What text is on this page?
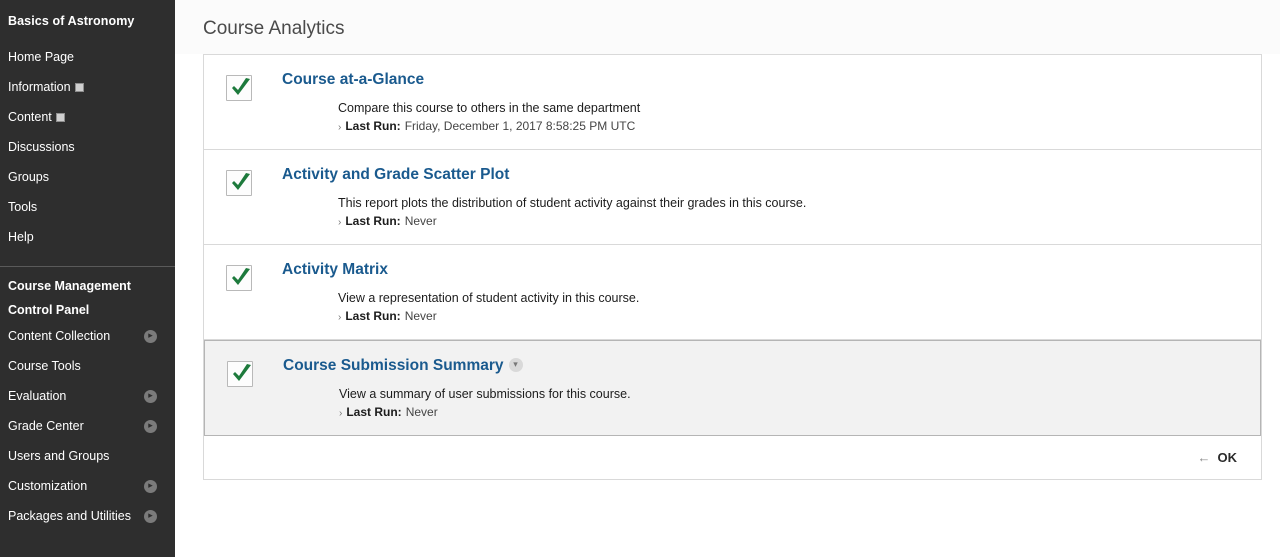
Basics of Astronomy
Home Page
Information
Content
Discussions
Groups
Tools
Help
Course Management
Control Panel
Content Collection	▸
Course Tools
Evaluation	▸
Grade Center	▸
Users and Groups
Customization	▸
Packages and Utilities	▸
Course Analytics
Course at-a-Glance
Compare this course to others in the same department
› Last Run: Friday, December 1, 2017 8:58:25 PM UTC
Activity and Grade Scatter Plot
This report plots the distribution of student activity against their grades in this course.
› Last Run: Never
Activity Matrix
View a representation of student activity in this course.
› Last Run: Never
Course Submission Summary ▾
View a summary of user submissions for this course.
› Last Run: Never
← OK
